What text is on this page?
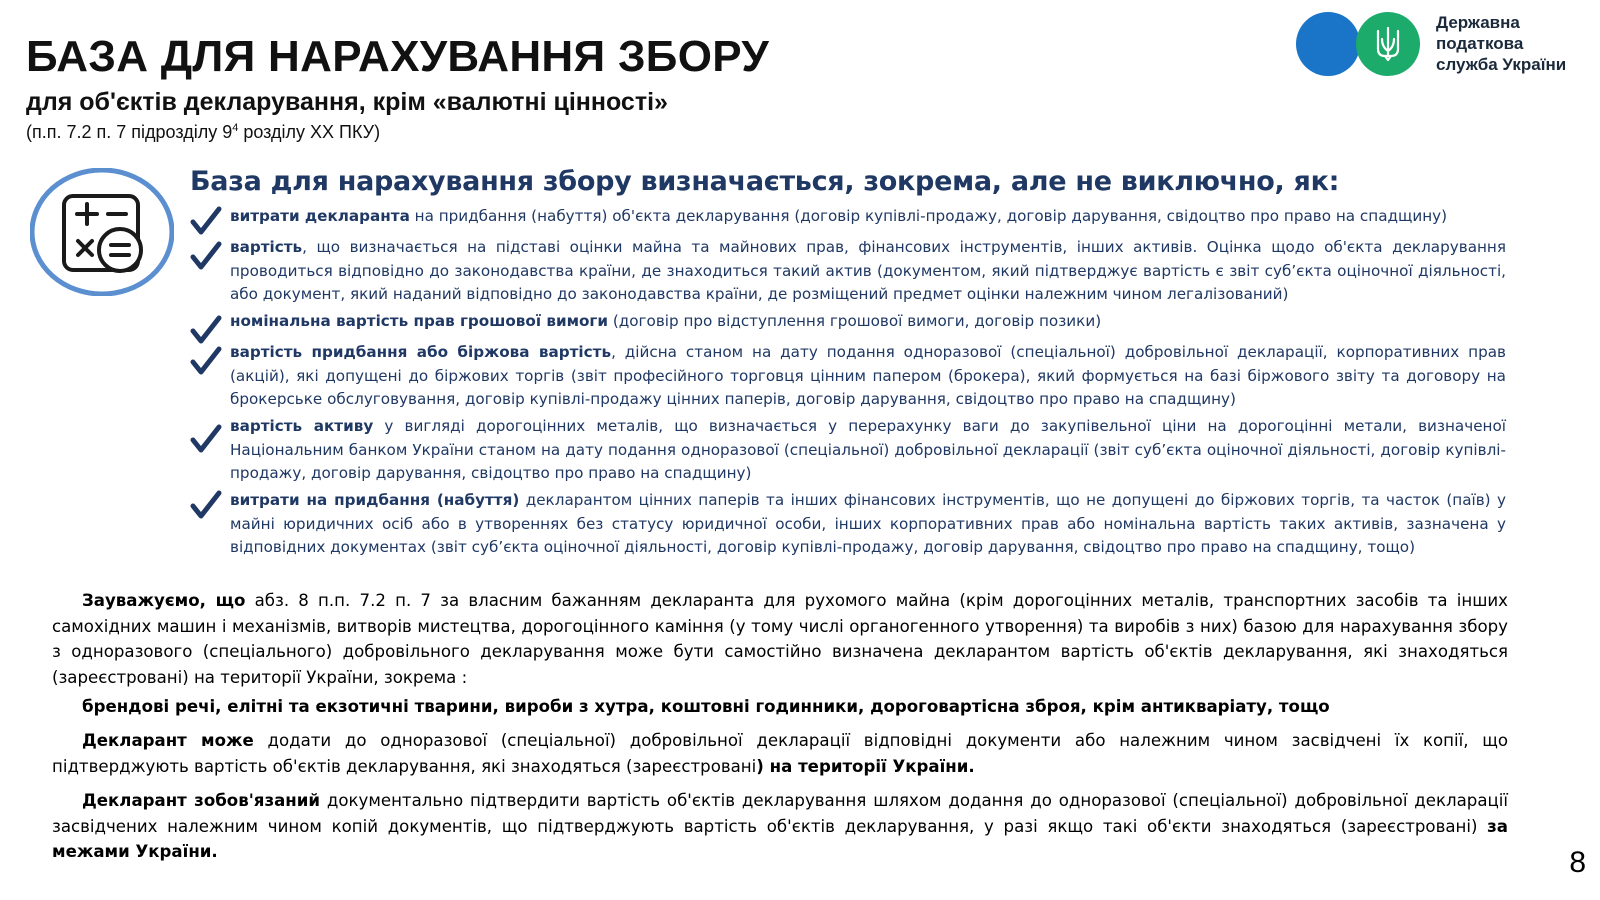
БАЗА ДЛЯ НАРАХУВАННЯ ЗБОРУ
для об'єктів декларування, крім «валютні цінності»
(п.п. 7.2 п. 7 підрозділу $9^4$ розділу ХХ ПКУ)
Державна
податкова
служба України
База для нарахування збору визначається, зокрема, але не виключно, як:
витрати декларанта на придбання (набуття) об'єкта декларування (договір купівлі-продажу, договір дарування, свідоцтво про право на спадщину)
вартість, що визначається на підставі оцінки майна та майнових прав, фінансових інструментів, інших активів. Оцінка щодо об'єкта декларування проводиться відповідно до законодавства країни, де знаходиться такий актив (документом, який підтверджує вартість є звіт суб’єкта оціночної діяльності, або документ, який наданий відповідно до законодавства країни, де розміщений предмет оцінки належним чином легалізований)
номінальна вартість прав грошової вимоги (договір про відступлення грошової вимоги, договір позики)
вартість придбання або біржова вартість, дійсна станом на дату подання одноразової (спеціальної) добровільної декларації, корпоративних прав (акцій), які допущені до біржових торгів (звіт професійного торговця цінним папером (брокера), який формується на базі біржового звіту та договору на брокерське обслуговування, договір купівлі-продажу цінних паперів, договір дарування, свідоцтво про право на спадщину)
вартість активу у вигляді дорогоцінних металів, що визначається у перерахунку ваги до закупівельної ціни на дорогоцінні метали, визначеної Національним банком України станом на дату подання одноразової (спеціальної) добровільної декларації (звіт суб’єкта оціночної діяльності, договір купівлі-продажу, договір дарування, свідоцтво про право на спадщину)
витрати на придбання (набуття) декларантом цінних паперів та інших фінансових інструментів, що не допущені до біржових торгів, та часток (паїв) у майні юридичних осіб або в утвореннях без статусу юридичної особи, інших корпоративних прав або номінальна вартість таких активів, зазначена у відповідних документах (звіт суб’єкта оціночної діяльності, договір купівлі-продажу, договір дарування, свідоцтво про право на спадщину, тощо)
Зауважуємо, що абз. 8 п.п. 7.2 п. 7 за власним бажанням декларанта для рухомого майна (крім дорогоцінних металів, транспортних засобів та інших самохідних машин і механізмів, витворів мистецтва, дорогоцінного каміння (у тому числі органогенного утворення) та виробів з них) базою для нарахування збору з одноразового (спеціального) добровільного декларування може бути самостійно визначена декларантом вартість об'єктів декларування, які знаходяться (зареєстровані) на території України, зокрема :
брендові речі, елітні та екзотичні тварини, вироби з хутра, коштовні годинники, дороговартісна зброя, крім антикваріату, тощо
Декларант може додати до одноразової (спеціальної) добровільної декларації відповідні документи або належним чином засвідчені їх копії, що підтверджують вартість об'єктів декларування, які знаходяться (зареєстровані) на території України.
Декларант зобов'язаний документально підтвердити вартість об'єктів декларування шляхом додання до одноразової (спеціальної) добровільної декларації засвідчених належним чином копій документів, що підтверджують вартість об'єктів декларування, у разі якщо такі об'єкти знаходяться (зареєстровані) за межами України.	8
